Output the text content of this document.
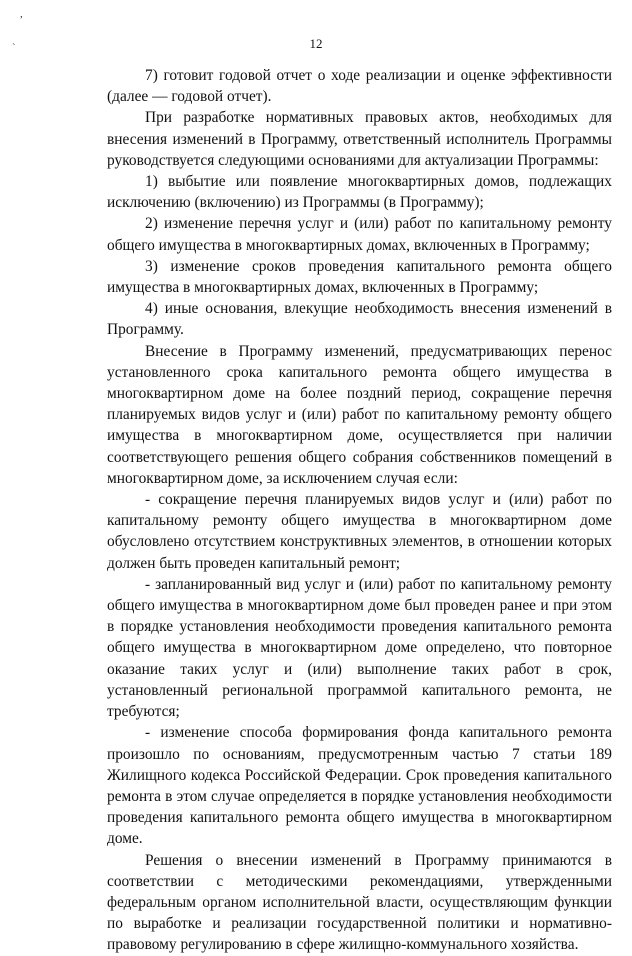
,
ˋ	12

7) готовит годовой отчет о ходе реализации и оценке эффективности (далее — годовой отчет).

При разработке нормативных правовых актов, необходимых для внесения изменений в Программу, ответственный исполнитель Программы руководствуется следующими основаниями для актуализации Программы:

1) выбытие или появление многоквартирных домов, подлежащих исключению (включению) из Программы (в Программу);

2) изменение перечня услуг и (или) работ по капитальному ремонту общего имущества в многоквартирных домах, включенных в Программу;

3) изменение сроков проведения капитального ремонта общего имущества в многоквартирных домах, включенных в Программу;

4) иные основания, влекущие необходимость внесения изменений в Программу.

Внесение в Программу изменений, предусматривающих перенос установленного срока капитального ремонта общего имущества в многоквартирном доме на более поздний период, сокращение перечня планируемых видов услуг и (или) работ по капитальному ремонту общего имущества в многоквартирном доме, осуществляется при наличии соответствующего решения общего собрания собственников помещений в многоквартирном доме, за исключением случая если:

- сокращение перечня планируемых видов услуг и (или) работ по капитальному ремонту общего имущества в многоквартирном доме обусловлено отсутствием конструктивных элементов, в отношении которых должен быть проведен капитальный ремонт;

- запланированный вид услуг и (или) работ по капитальному ремонту общего имущества в многоквартирном доме был проведен ранее и при этом в порядке установления необходимости проведения капитального ремонта общего имущества в многоквартирном доме определено, что повторное оказание таких услуг и (или) выполнение таких работ в срок, установленный региональной программой капитального ремонта, не требуются;

- изменение способа формирования фонда капитального ремонта произошло по основаниям, предусмотренным частью 7 статьи 189 Жилищного кодекса Российской Федерации. Срок проведения капитального ремонта в этом случае определяется в порядке установления необходимости проведения капитального ремонта общего имущества в многоквартирном доме.

Решения о внесении изменений в Программу принимаются в соответствии с методическими рекомендациями, утвержденными федеральным органом исполнительной власти, осуществляющим функции по выработке и реализации государственной политики и нормативно-правовому регулированию в сфере жилищно-коммунального хозяйства.
